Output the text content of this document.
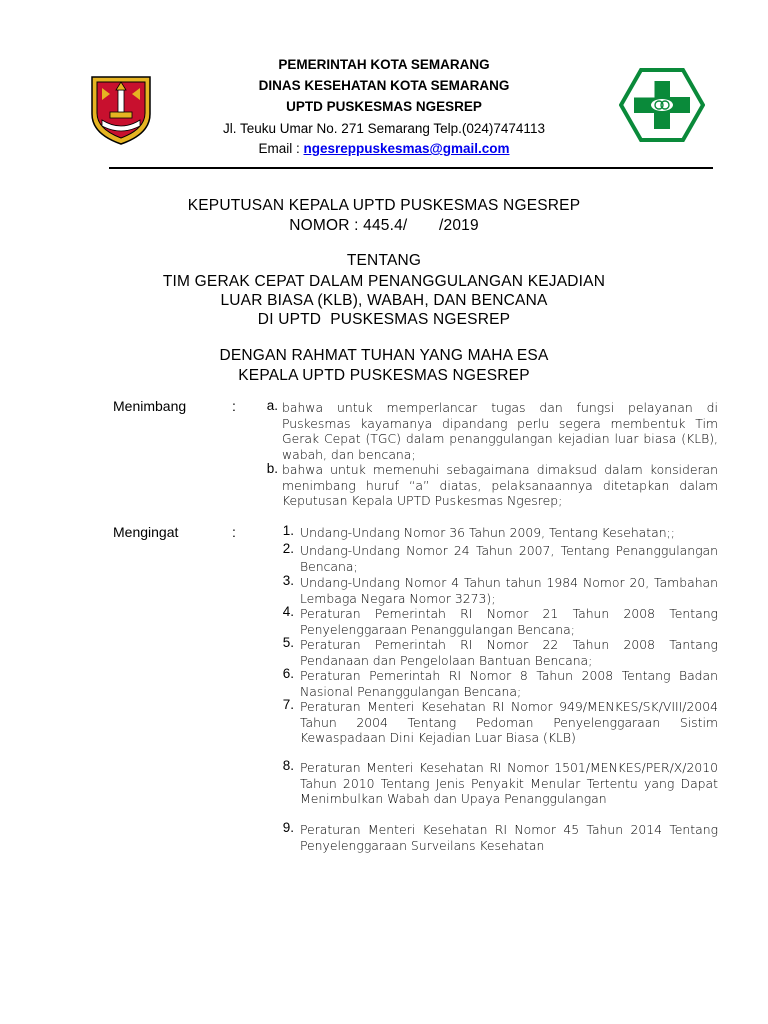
PEMERINTAH KOTA SEMARANG
DINAS KESEHATAN KOTA SEMARANG
UPTD PUSKESMAS NGESREP
Jl. Teuku Umar No. 271 Semarang Telp.(024)7474113
Email : ngesreppuskesmas@gmail.com
KEPUTUSAN KEPALA UPTD PUSKESMAS NGESREP
NOMOR : 445.4/       /2019
TENTANG
TIM GERAK CEPAT DALAM PENANGGULANGAN KEJADIAN
LUAR BIASA (KLB), WABAH, DAN BENCANA
DI UPTD  PUSKESMAS NGESREP
DENGAN RAHMAT TUHAN YANG MAHA ESA
KEPALA UPTD PUSKESMAS NGESREP
Menimbang	:	a. bahwa untuk memperlancar tugas dan fungsi pelayanan di Puskesmas kayamanya dipandang perlu segera membentuk Tim Gerak Cepat (TGC) dalam penanggulangan kejadian luar biasa (KLB), wabah, dan bencana;
b. bahwa untuk memenuhi sebagaimana dimaksud dalam konsideran menimbang huruf “a” diatas, pelaksanaannya ditetapkan dalam Keputusan Kepala UPTD Puskesmas Ngesrep;
Mengingat	:	1. Undang-Undang Nomor 36 Tahun 2009, Tentang Kesehatan;;
2. Undang-Undang Nomor 24 Tahun 2007, Tentang Penanggulangan Bencana;
3. Undang-Undang Nomor 4 Tahun tahun 1984 Nomor 20, Tambahan Lembaga Negara Nomor 3273);
4. Peraturan Pemerintah RI Nomor 21 Tahun 2008 Tentang Penyelenggaraan Penanggulangan Bencana;
5. Peraturan Pemerintah RI Nomor 22 Tahun 2008 Tantang Pendanaan dan Pengelolaan Bantuan Bencana;
6. Peraturan Pemerintah RI Nomor 8 Tahun 2008 Tentang Badan Nasional Penanggulangan Bencana;
7. Peraturan Menteri Kesehatan RI Nomor 949/MENKES/SK/VIII/2004 Tahun 2004 Tentang Pedoman Penyelenggaraan Sistim Kewaspadaan Dini Kejadian Luar Biasa (KLB)
8. Peraturan Menteri Kesehatan RI Nomor 1501/MENKES/PER/X/2010 Tahun 2010 Tentang Jenis Penyakit Menular Tertentu yang Dapat Menimbulkan Wabah dan Upaya Penanggulangan
9. Peraturan Menteri Kesehatan RI Nomor 45 Tahun 2014 Tentang Penyelenggaraan Surveilans Kesehatan
